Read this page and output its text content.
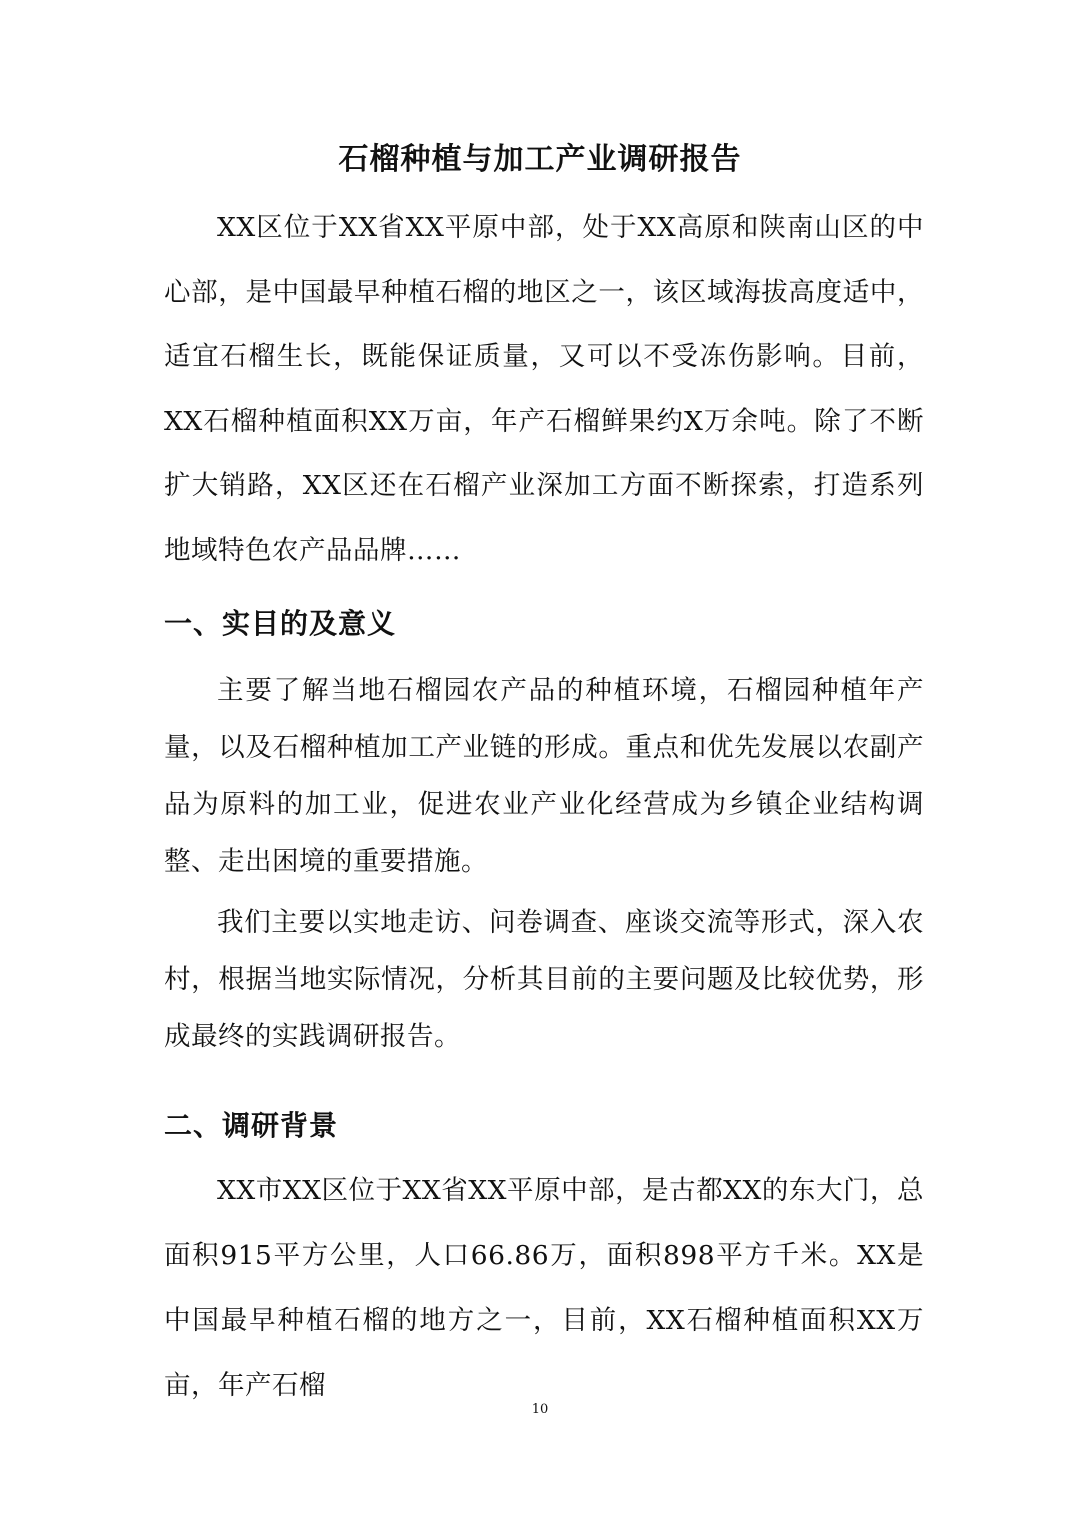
石榴种植与加工产业调研报告

XX区位于XX省XX平原中部，处于XX高原和陕南山区的中心部，是中国最早种植石榴的地区之一，该区域海拔高度适中，适宜石榴生长，既能保证质量，又可以不受冻伤影响。目前，XX石榴种植面积XX万亩，年产石榴鲜果约X万余吨。除了不断扩大销路，XX区还在石榴产业深加工方面不断探索，打造系列地域特色农产品品牌……

一、实目的及意义

主要了解当地石榴园农产品的种植环境，石榴园种植年产量，以及石榴种植加工产业链的形成。重点和优先发展以农副产品为原料的加工业，促进农业产业化经营成为乡镇企业结构调整、走出困境的重要措施。

我们主要以实地走访、问卷调查、座谈交流等形式，深入农村，根据当地实际情况，分析其目前的主要问题及比较优势，形成最终的实践调研报告。

二、调研背景

XX市XX区位于XX省XX平原中部，是古都XX的东大门，总面积915平方公里，人口66.86万，面积898平方千米。XX是中国最早种植石榴的地方之一，目前，XX石榴种植面积XX万亩，年产石榴

10
